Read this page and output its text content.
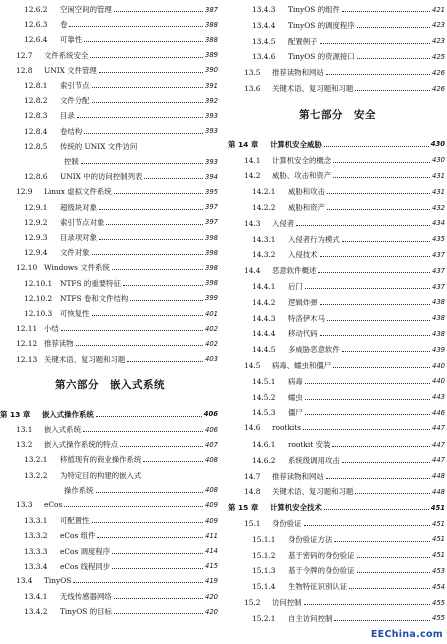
12.6.2	空闲空间的管理	387
12.6.3	卷	388
12.6.4	可靠性	388
12.7	文件系统安全	389
12.8	UNIX 文件管理	390
12.8.1	索引节点	391
12.8.2	文件分配	392
12.8.3	目录	393
12.8.4	卷结构	393
12.8.5	传统的 UNIX 文件访问
控制	393
12.8.6	UNIX 中的访问控制列表	394
12.9	Linux 虚拟文件系统	395
12.9.1	超级块对象	397
12.9.2	索引节点对象	397
12.9.3	目录项对象	398
12.9.4	文件对象	398
12.10 Windows 文件系统	398
12.10.1	NTFS 的重要特征	398
12.10.2	NTFS 卷和文件结构	399
12.10.3	可恢复性	401
12.11 小结	402
12.12 推荐读物	402
12.13 关键术语、复习题和习题	403
第六部分　嵌入式系统
第 13 章	嵌入式操作系统	406
13.1	嵌入式系统	406
13.2	嵌入式操作系统的特点	407
13.2.1	移植现有的商业操作系统	408
13.2.2	为特定目的构建的嵌入式
操作系统	408
13.3	eCos	409
13.3.1	可配置性	409
13.3.2	eCos 组件	411
13.3.3	eCos 调度程序	414
13.3.4	eCos 线程同步	415
13.4	TinyOS	419
13.4.1	无线传感器网络	420
13.4.2	TinyOS 的目标	420
13.4.3	TinyOS 的组件	421
13.4.4	TinyOS 的调度程序	423
13.4.5	配置例子	423
13.4.6	TinyOS 的资源接口	425
13.5	推荐读物和网站	426
13.6	关键术语、复习题和习题	426
第七部分　安全
第 14 章	计算机安全威胁	430
14.1	计算机安全的概念	430
14.2	威胁、攻击和资产	431
14.2.1	威胁和攻击	431
14.2.2	威胁和资产	432
14.3	入侵者	434
14.3.1	入侵者行为模式	435
14.3.2	入侵技术	437
14.4	恶意软件概述	437
14.4.1	后门	437
14.4.2	逻辑炸弹	438
14.4.3	特洛伊木马	438
14.4.4	移动代码	438
14.4.5	多威胁恶意软件	439
14.5	病毒、蠕虫和僵尸	440
14.5.1	病毒	440
14.5.2	蠕虫	443
14.5.3	僵尸	446
14.6	rootkits	447
14.6.1	rootkit 安装	447
14.6.2	系统级调用攻击	447
14.7	推荐读物和网站	448
14.8	关键术语、复习题和习题	448
第 15 章	计算机安全技术	451
15.1	身份验证	451
15.1.1	身份验证方法	451
15.1.2	基于密码的身份验证	451
15.1.3	基于令牌的身份验证	453
15.1.4	生物特征识别认证	454
15.2	访问控制	455
15.2.1	自主访问控制	455
EEChina.com
